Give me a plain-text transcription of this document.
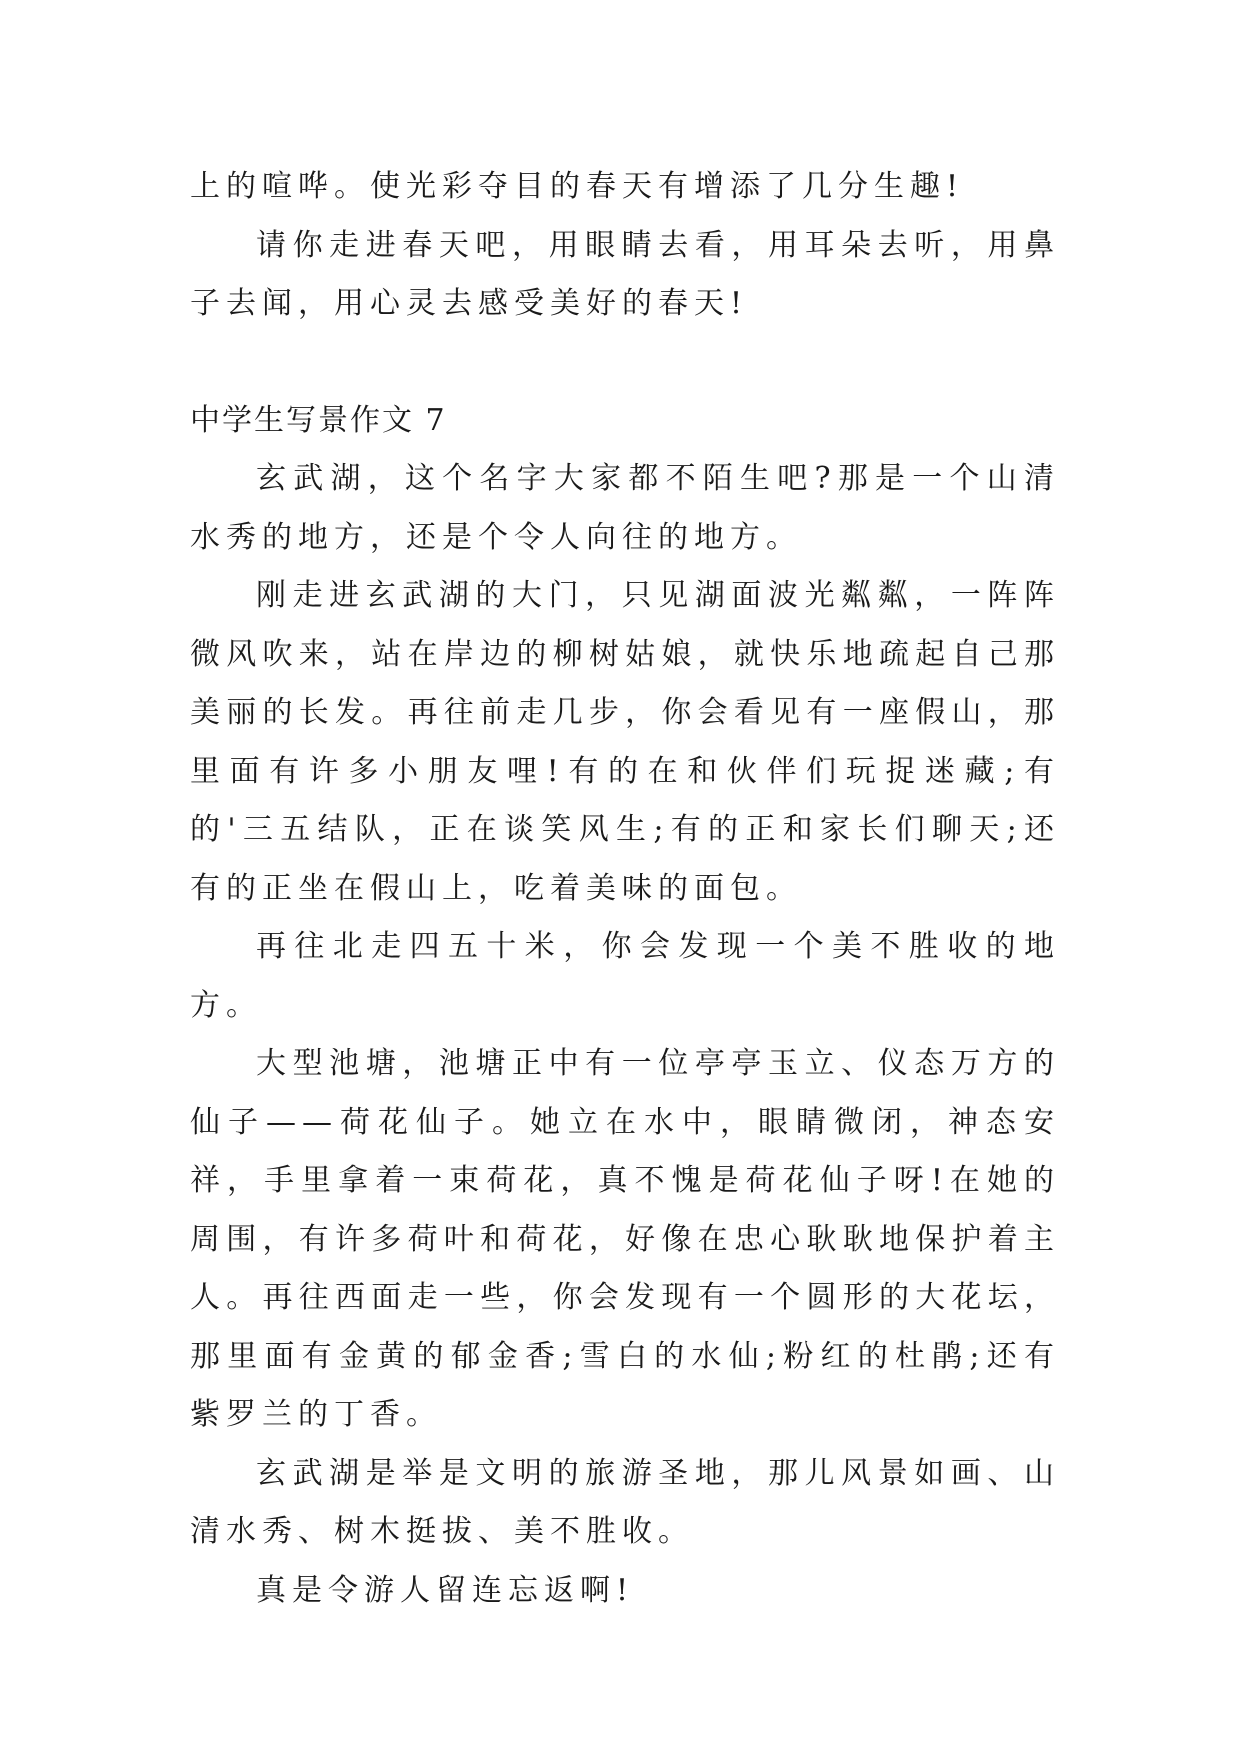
上的喧哗。使光彩夺目的春天有增添了几分生趣!

请你走进春天吧，用眼睛去看，用耳朵去听，用鼻子去闻，用心灵去感受美好的春天!

中学生写景作文 7

玄武湖，这个名字大家都不陌生吧?那是一个山清水秀的地方，还是个令人向往的地方。

刚走进玄武湖的大门，只见湖面波光粼粼，一阵阵微风吹来，站在岸边的柳树姑娘，就快乐地疏起自己那美丽的长发。再往前走几步，你会看见有一座假山，那里面有许多小朋友哩!有的在和伙伴们玩捉迷藏;有的'三五结队，正在谈笑风生;有的正和家长们聊天;还有的正坐在假山上，吃着美味的面包。

再往北走四五十米，你会发现一个美不胜收的地方。

大型池塘，池塘正中有一位亭亭玉立、仪态万方的仙子——荷花仙子。她立在水中，眼睛微闭，神态安祥，手里拿着一束荷花，真不愧是荷花仙子呀!在她的周围，有许多荷叶和荷花，好像在忠心耿耿地保护着主人。再往西面走一些，你会发现有一个圆形的大花坛，那里面有金黄的郁金香;雪白的水仙;粉红的杜鹃;还有紫罗兰的丁香。

玄武湖是举是文明的旅游圣地，那儿风景如画、山清水秀、树木挺拔、美不胜收。

真是令游人留连忘返啊!
